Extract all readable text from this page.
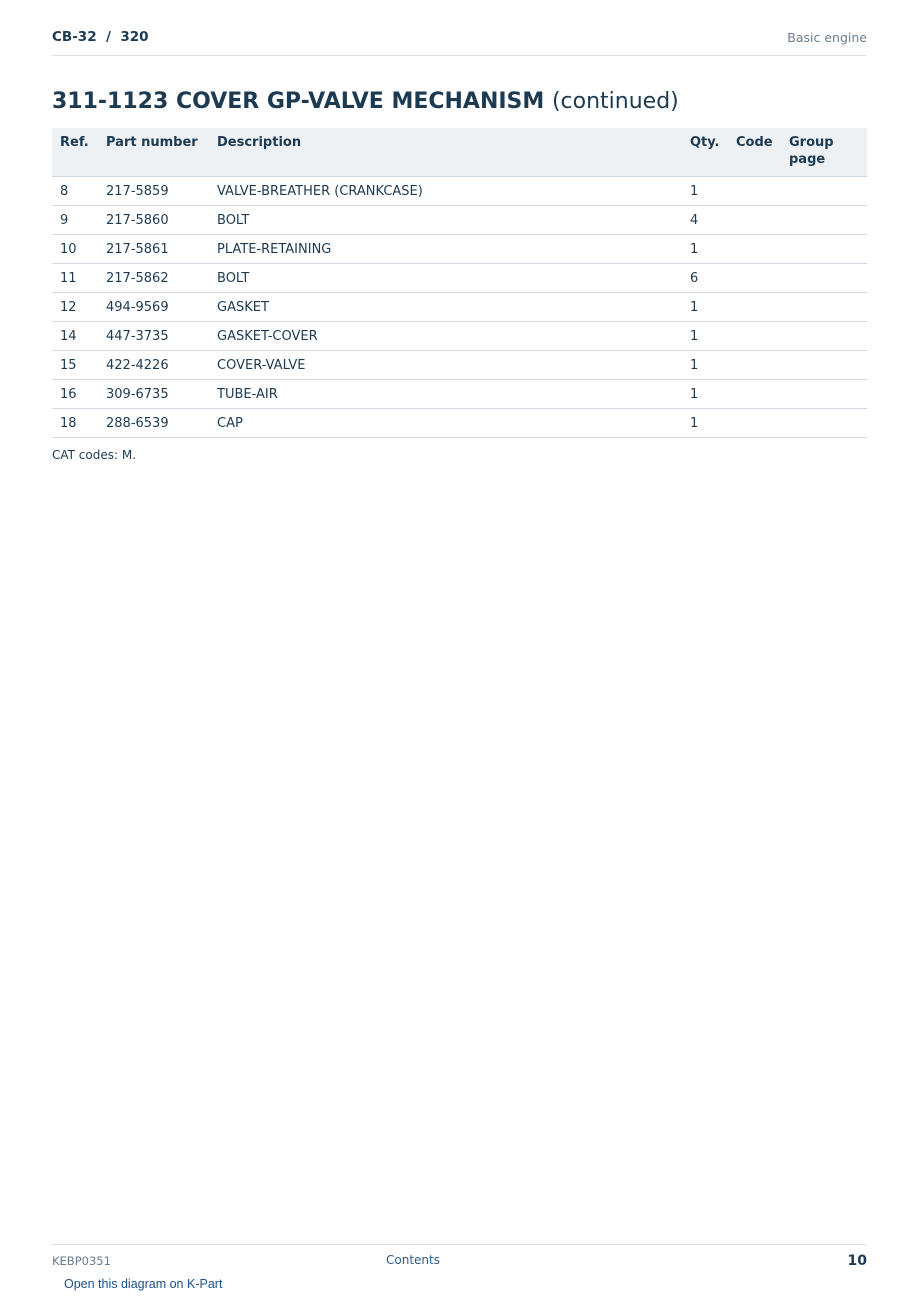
CB-32  /  320	Basic engine
311-1123 COVER GP-VALVE MECHANISM (continued)
Ref.	Part number	Description	Qty.	Code	Group page
8	217-5859	VALVE-BREATHER (CRANKCASE)	1		
9	217-5860	BOLT	4		
10	217-5861	PLATE-RETAINING	1		
11	217-5862	BOLT	6		
12	494-9569	GASKET	1		
14	447-3735	GASKET-COVER	1		
15	422-4226	COVER-VALVE	1		
16	309-6735	TUBE-AIR	1		
18	288-6539	CAP	1		
CAT codes: M.
KEBP0351	Contents	10
Open this diagram on K-Part
